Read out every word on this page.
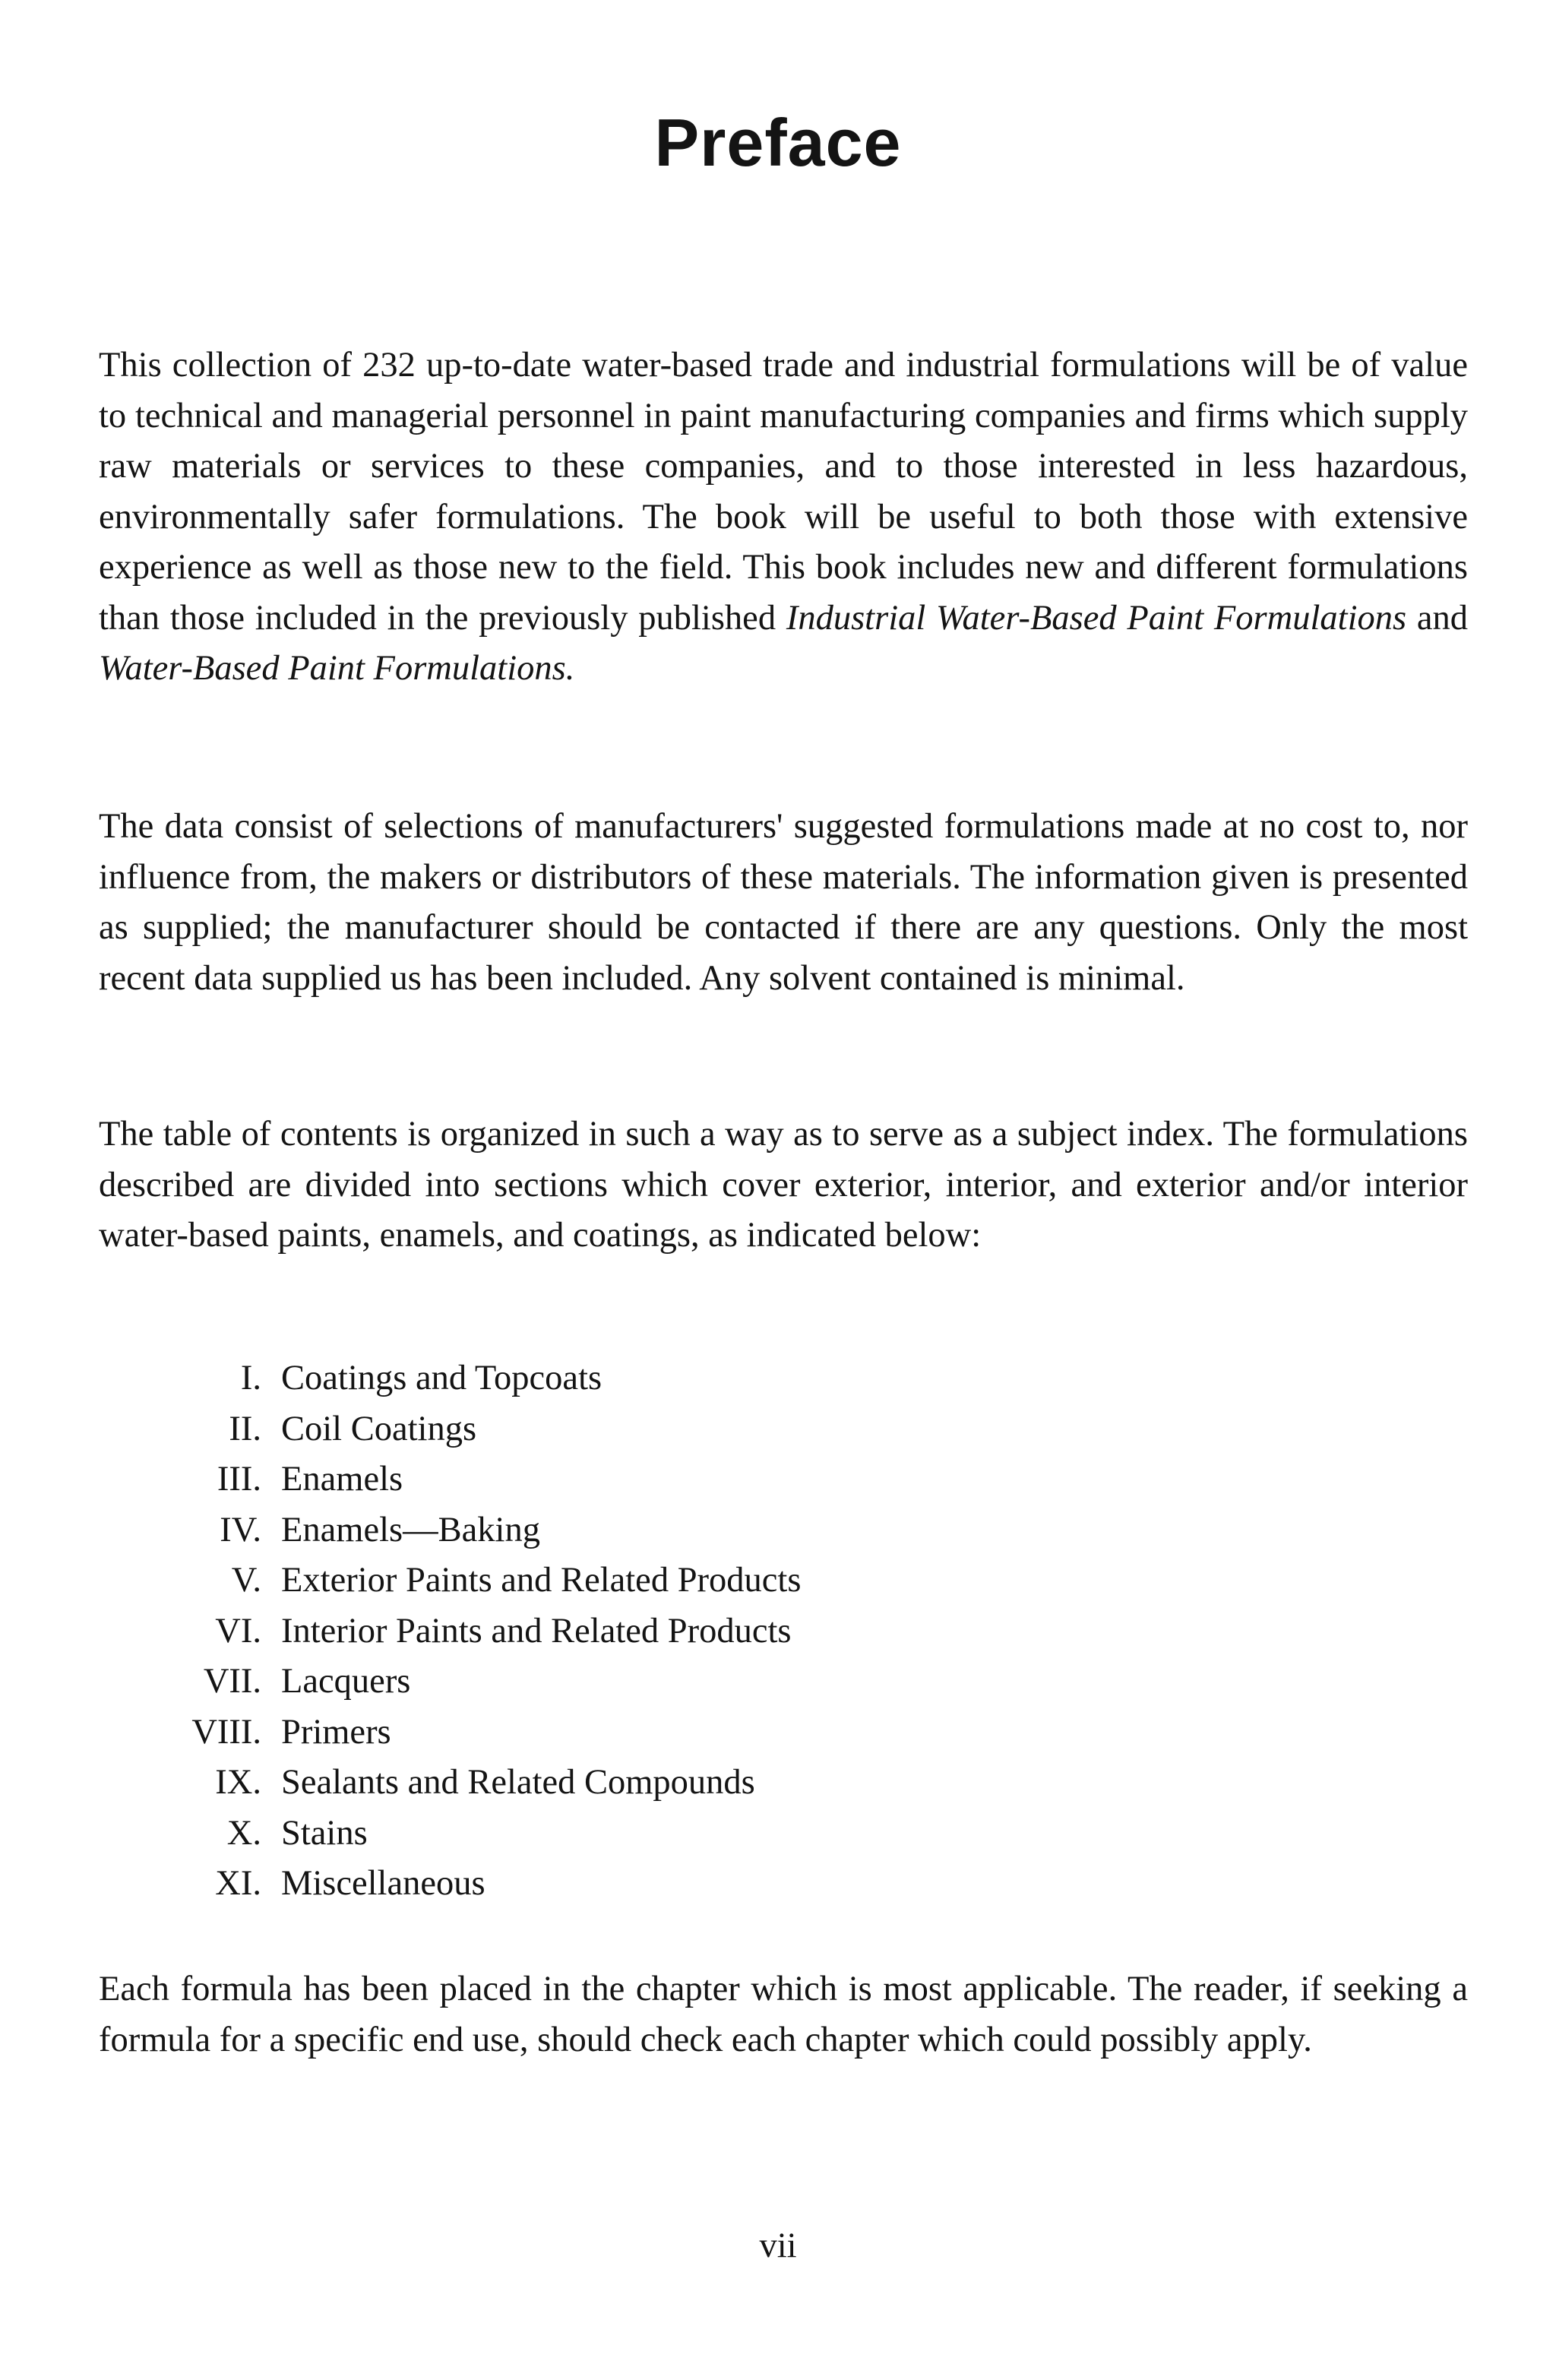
Preface

This collection of 232 up-to-date water-based trade and industrial formulations will be of value to technical and managerial personnel in paint manufacturing companies and firms which supply raw materials or services to these companies, and to those interested in less hazardous, environmentally safer formulations. The book will be useful to both those with extensive experience as well as those new to the field. This book includes new and different formulations than those included in the previously published Industrial Water-Based Paint Formulations and Water-Based Paint Formulations.

The data consist of selections of manufacturers' suggested formulations made at no cost to, nor influence from, the makers or distributors of these materials. The information given is presented as supplied; the manufacturer should be contacted if there are any questions. Only the most recent data supplied us has been included. Any solvent contained is minimal.

The table of contents is organized in such a way as to serve as a subject index. The formulations described are divided into sections which cover exterior, interior, and exterior and/or interior water-based paints, enamels, and coatings, as indicated below:

I. Coatings and Topcoats
II. Coil Coatings
III. Enamels
IV. Enamels—Baking
V. Exterior Paints and Related Products
VI. Interior Paints and Related Products
VII. Lacquers
VIII. Primers
IX. Sealants and Related Compounds
X. Stains
XI. Miscellaneous

Each formula has been placed in the chapter which is most applicable. The reader, if seeking a formula for a specific end use, should check each chapter which could possibly apply.

vii
